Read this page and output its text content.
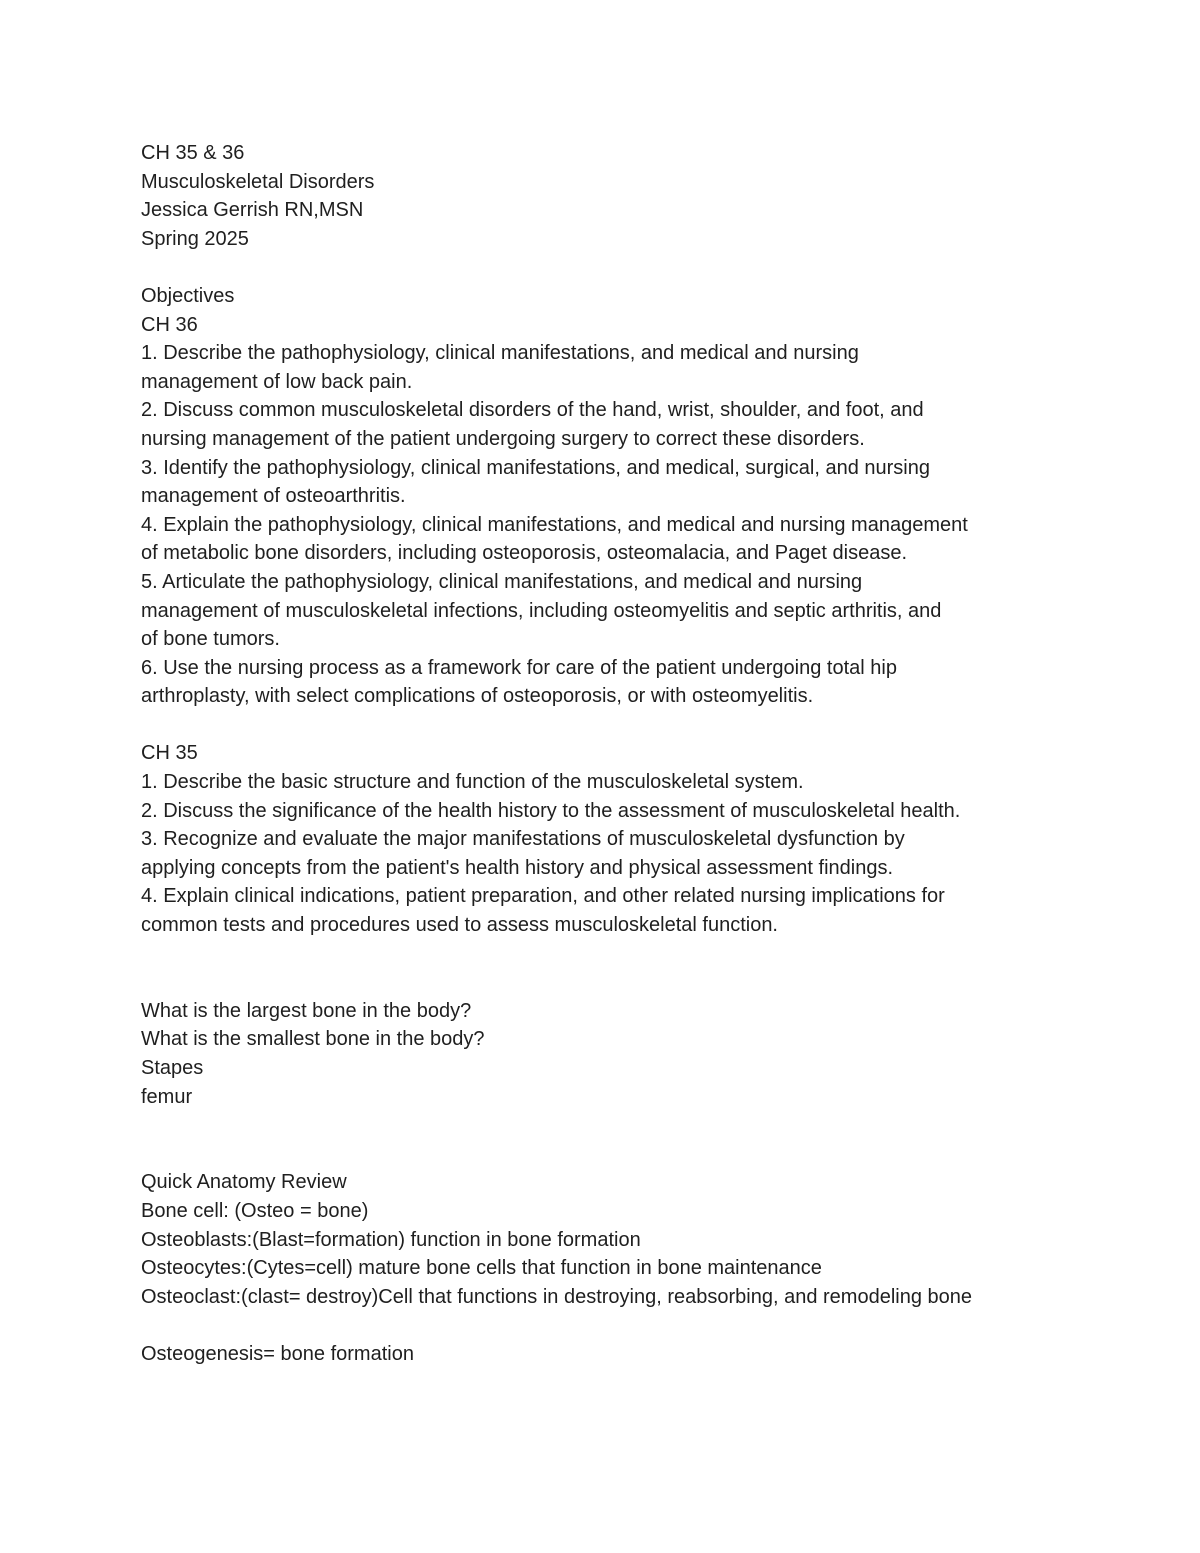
CH 35 & 36

Musculoskeletal Disorders

Jessica Gerrish RN,MSN

Spring 2025

Objectives

CH 36

1. Describe the pathophysiology, clinical manifestations, and medical and nursing

management of low back pain.

2. Discuss common musculoskeletal disorders of the hand, wrist, shoulder, and foot, and

nursing management of the patient undergoing surgery to correct these disorders.

3. Identify the pathophysiology, clinical manifestations, and medical, surgical, and nursing

management of osteoarthritis.

4. Explain the pathophysiology, clinical manifestations, and medical and nursing management

of metabolic bone disorders, including osteoporosis, osteomalacia, and Paget disease.

5. Articulate the pathophysiology, clinical manifestations, and medical and nursing

management of musculoskeletal infections, including osteomyelitis and septic arthritis, and

of bone tumors.

6. Use the nursing process as a framework for care of the patient undergoing total hip

arthroplasty, with select complications of osteoporosis, or with osteomyelitis.

CH 35

1. Describe the basic structure and function of the musculoskeletal system.

2. Discuss the significance of the health history to the assessment of musculoskeletal health.

3. Recognize and evaluate the major manifestations of musculoskeletal dysfunction by

applying concepts from the patient's health history and physical assessment findings.

4. Explain clinical indications, patient preparation, and other related nursing implications for

common tests and procedures used to assess musculoskeletal function.

What is the largest bone in the body?

What is the smallest bone in the body?

Stapes

femur

Quick Anatomy Review

Bone cell: (Osteo = bone)

Osteoblasts:(Blast=formation) function in bone formation

Osteocytes:(Cytes=cell) mature bone cells that function in bone maintenance

Osteoclast:(clast= destroy)Cell that functions in destroying, reabsorbing, and remodeling bone

Osteogenesis= bone formation
